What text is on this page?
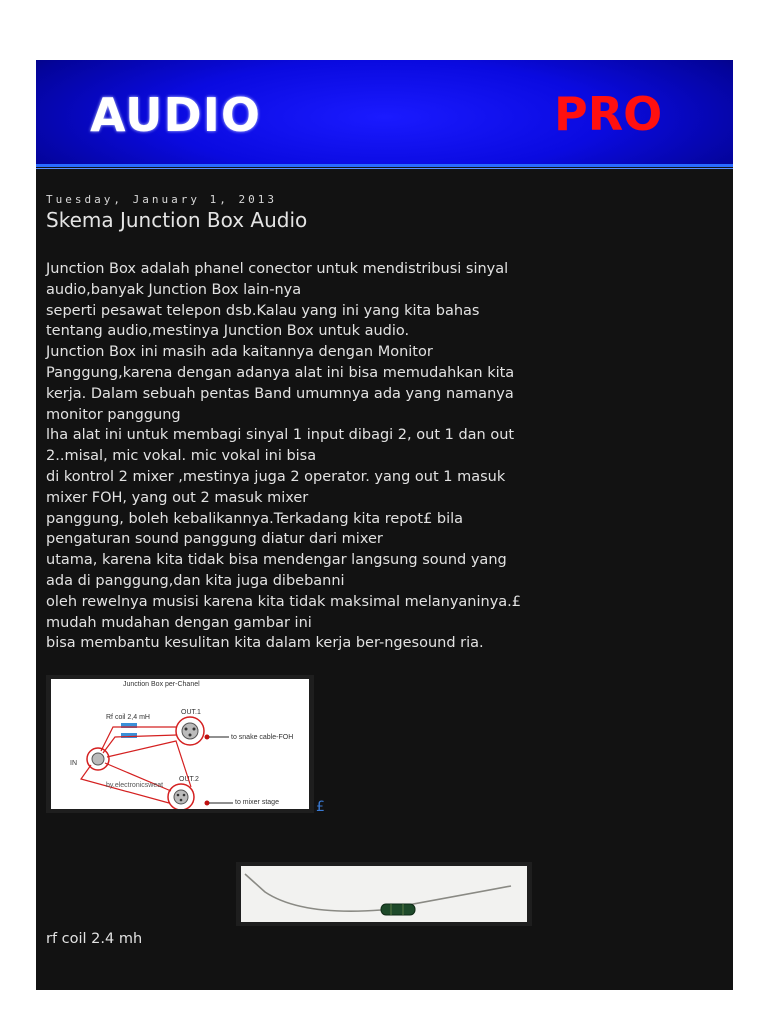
AUDIO	PRO
Tuesday, January 1, 2013
Skema Junction Box Audio
Junction Box adalah phanel conector untuk mendistribusi sinyal
audio,banyak Junction Box lain-nya
seperti pesawat telepon dsb.Kalau yang ini yang kita bahas
tentang audio,mestinya Junction Box untuk audio.
Junction Box ini masih ada kaitannya dengan Monitor
Panggung,karena dengan adanya alat ini bisa memudahkan kita
kerja. Dalam sebuah pentas Band umumnya ada yang namanya
monitor panggung
lha alat ini untuk membagi sinyal 1 input dibagi 2, out 1 dan out
2..misal, mic vokal. mic vokal ini bisa
di kontrol 2 mixer ,mestinya juga 2 operator. yang out 1 masuk
mixer FOH, yang out 2 masuk mixer
panggung, boleh kebalikannya.Terkadang kita repot£ bila
pengaturan sound panggung diatur dari mixer
utama, karena kita tidak bisa mendengar langsung sound yang
ada di panggung,dan kita juga dibebanni
oleh rewelnya musisi karena kita tidak maksimal melanyaninya.£
mudah mudahan dengan gambar ini
bisa membantu kesulitan kita dalam kerja ber-ngesound ria.
Junction Box per-Chanel
Rf coil 2,4 mH
OUT.1
OUT.2
IN
to snake cable-FOH
to mixer stage
by.electronicsweat
£
rf coil 2.4 mh
